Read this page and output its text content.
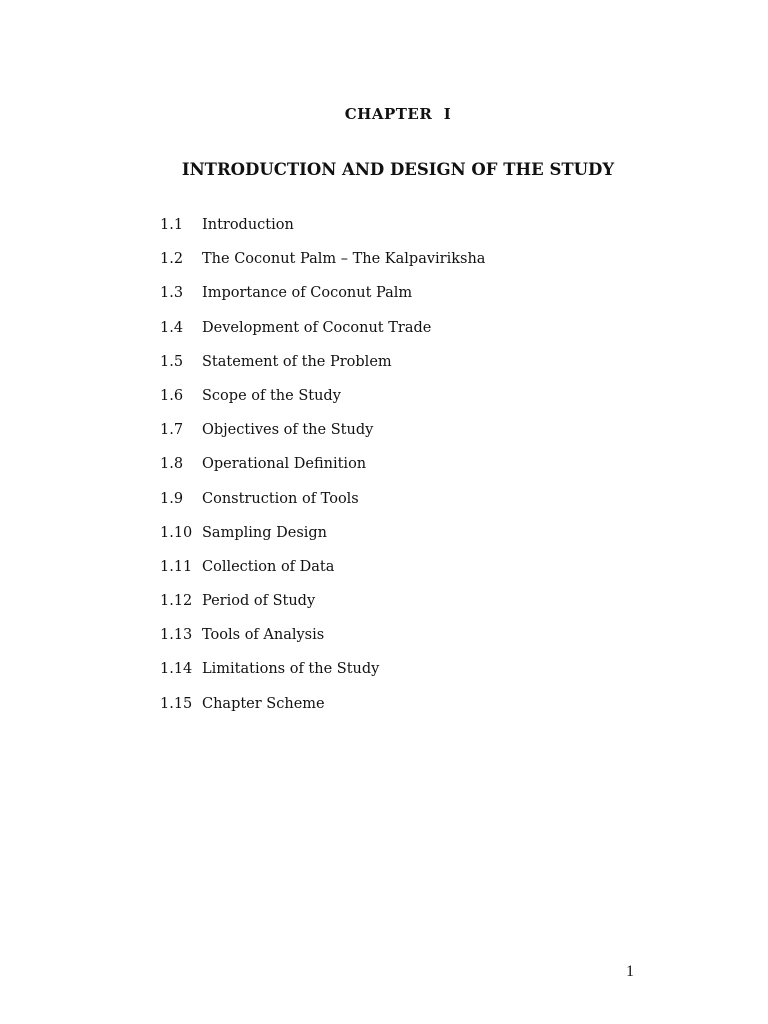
CHAPTER  I
INTRODUCTION AND DESIGN OF THE STUDY
1.1	Introduction
1.2	The Coconut Palm – The Kalpaviriksha
1.3	Importance of Coconut Palm
1.4	Development of Coconut Trade
1.5	Statement of the Problem
1.6	Scope of the Study
1.7	Objectives of the Study
1.8	Operational Definition
1.9	Construction of Tools
1.10 Sampling Design
1.11 Collection of Data
1.12 Period of Study
1.13 Tools of Analysis
1.14 Limitations of the Study
1.15 Chapter Scheme
1
